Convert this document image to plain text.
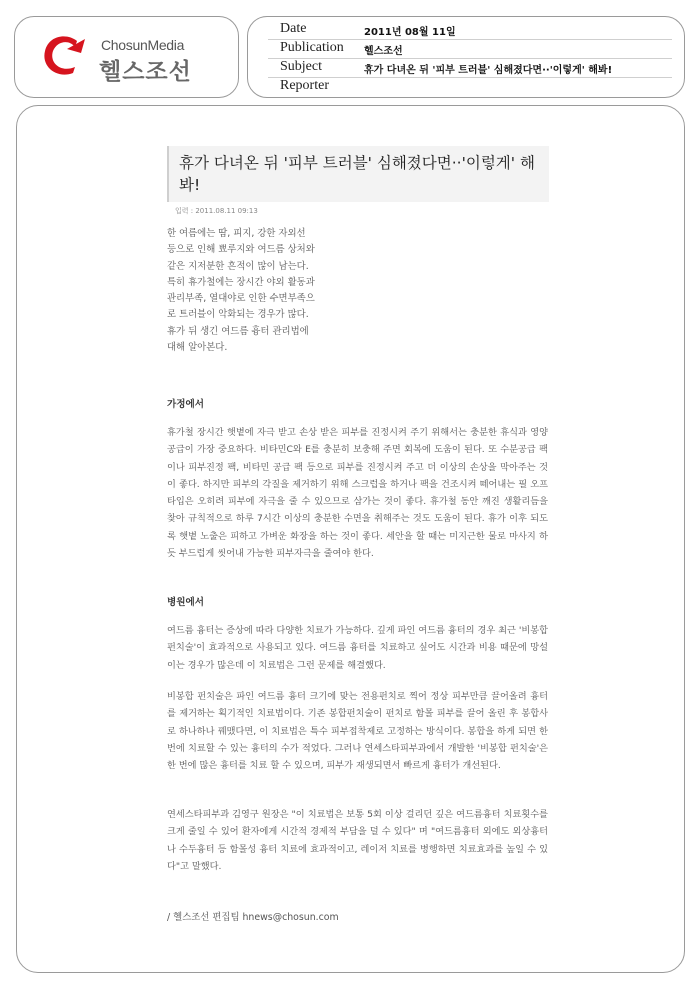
ChosunMedia
헬스조선
Date	2011년 08월 11일
Publication 헬스조선
Subject	휴가 다녀온 뒤 '피부 트러블' 심해졌다면··'이렇게' 해봐!
Reporter
휴가 다녀온 뒤 '피부 트러블' 심해졌다면··'이렇게' 해봐!
입력 : 2011.08.11 09:13
한 여름에는 땀, 피지, 강한 자외선 등으로 인해 뾰루지와 여드름 상처와 같은 지저분한 흔적이 많이 남는다. 특히 휴가철에는 장시간 야외 활동과 관리부족, 열대야로 인한 수면부족으로 트러블이 악화되는 경우가 많다. 휴가 뒤 생긴 여드름 흉터 관리법에 대해 알아본다.
가정에서
휴가철 장시간 햇볕에 자극 받고 손상 받은 피부를 진정시켜 주기 위해서는 충분한 휴식과 영양공급이 가장 중요하다. 비타민C와 E를 충분히 보충해 주면 회복에 도움이 된다. 또 수분공급 팩이나 피부진정 팩, 비타민 공급 팩 등으로 피부를 진정시켜 주고 더 이상의 손상을 막아주는 것이 좋다. 하지만 피부의 각질을 제거하기 위해 스크럽을 하거나 팩을 건조시켜 떼어내는 필 오프타입은 오히려 피부에 자극을 줄 수 있으므로 삼가는 것이 좋다. 휴가철 동안 깨진 생활리듬을 찾아 규칙적으로 하루 7시간 이상의 충분한 수면을 취해주는 것도 도움이 된다. 휴가 이후 되도록 햇볕 노출은 피하고 가벼운 화장을 하는 것이 좋다. 세안을 할 때는 미지근한 물로 마사지 하듯 부드럽게 씻어내 가능한 피부자극을 줄여야 한다.
병원에서
여드름 흉터는 증상에 따라 다양한 치료가 가능하다. 깊게 파인 여드름 흉터의 경우 최근 '비봉합 펀치술'이 효과적으로 사용되고 있다. 여드름 흉터를 치료하고 싶어도 시간과 비용 때문에 망설이는 경우가 많은데 이 치료법은 그런 문제를 해결했다.
비봉합 펀치술은 파인 여드름 흉터 크기에 맞는 전용펀치로 찍어 정상 피부만큼 끌어올려 흉터를 제거하는 획기적인 치료법이다. 기존 봉합펀치술이 펀치로 함몰 피부를 끌어 올린 후 봉합사로 하나하나 꿰맸다면, 이 치료법은 특수 피부접착제로 고정하는 방식이다. 봉합을 하게 되면 한번에 치료할 수 있는 흉터의 수가 적었다. 그러나 연세스타피부과에서 개발한 '비봉합 펀치술'은 한 번에 많은 흉터를 치료 할 수 있으며, 피부가 재생되면서 빠르게 흉터가 개선된다.
연세스타피부과 김영구 원장은 "이 치료법은 보통 5회 이상 걸리던 깊은 여드름흉터 치료횟수를 크게 줄일 수 있어 환자에게 시간적 경제적 부담을 덜 수 있다" 며 "여드름흉터 외에도 외상흉터나 수두흉터 등 함몰성 흉터 치료에 효과적이고, 레이저 치료를 병행하면 치료효과를 높일 수 있다"고 말했다.
/ 헬스조선 편집팀 hnews@chosun.com
